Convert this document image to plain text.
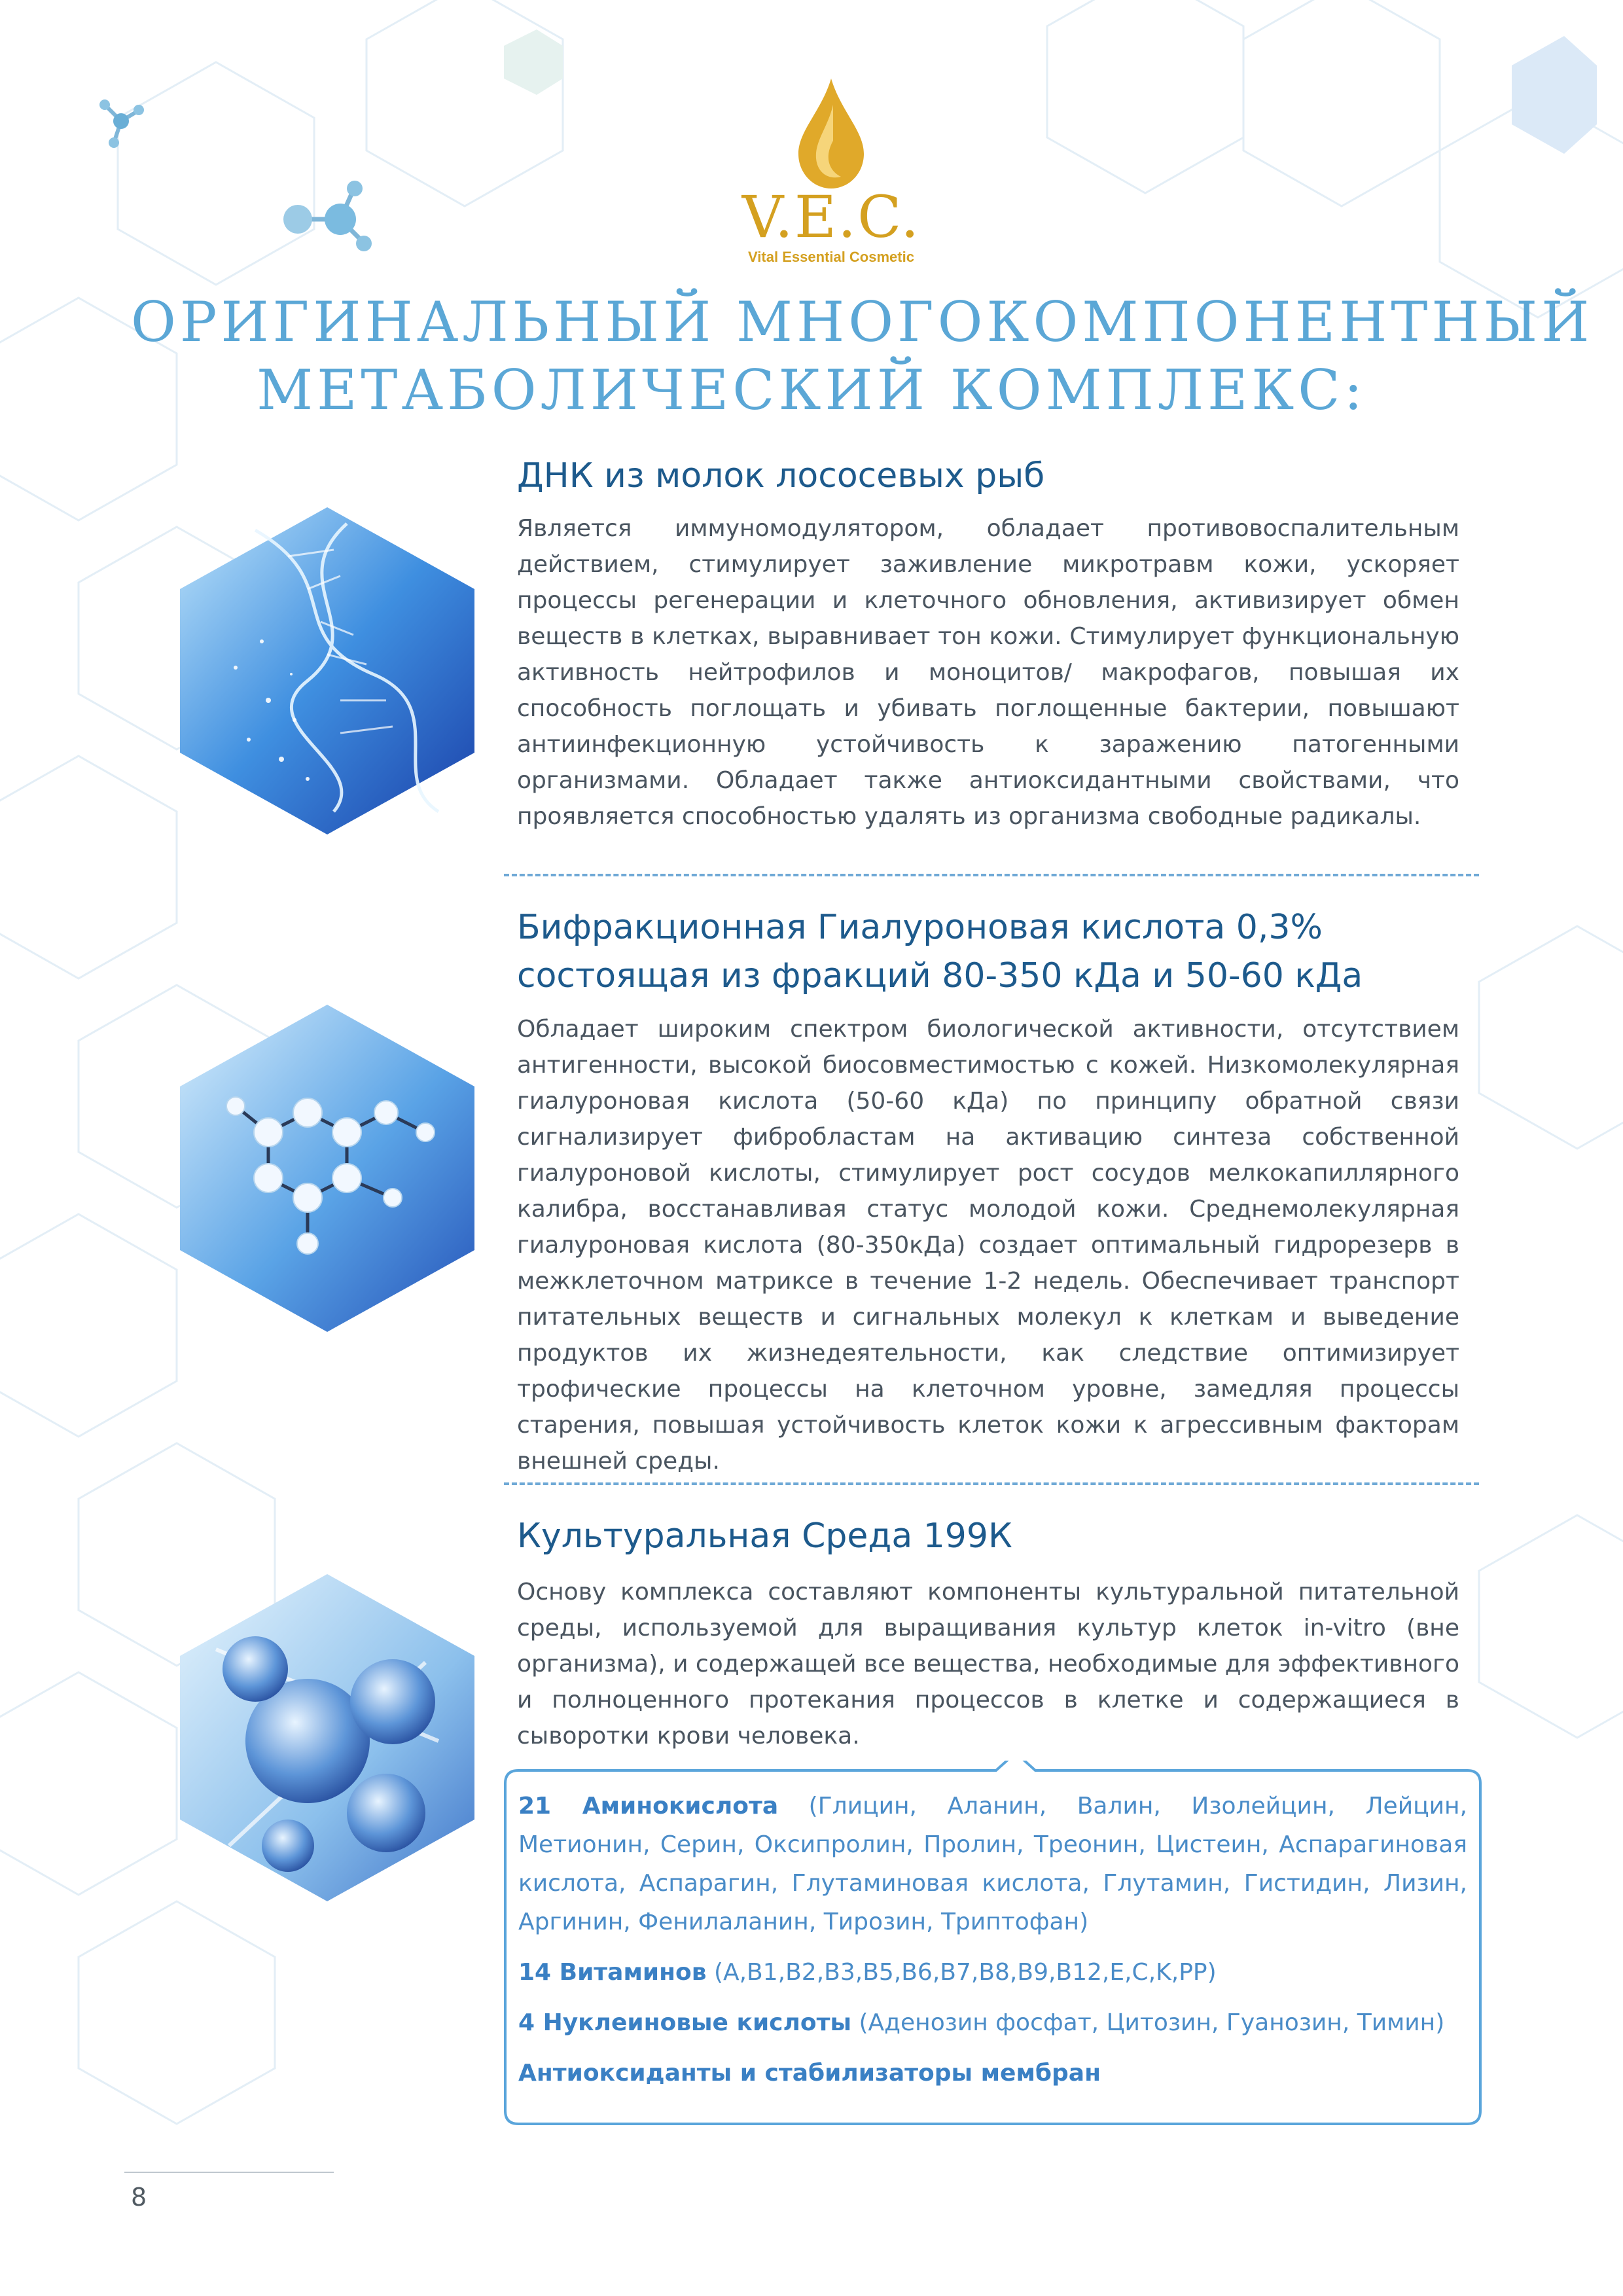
V.E.C.
Vital Essential Cosmetic
ОРИГИНАЛЬНЫЙ МНОГОКОМПОНЕНТНЫЙ
МЕТАБОЛИЧЕСКИЙ КОМПЛЕКС:
ДНК из молок лососевых рыб
Является иммуномодулятором, обладает противовоспалительным действием, стимулирует заживление микротравм кожи, ускоряет процессы регенерации и клеточного обновления, активизирует обмен веществ в клетках, выравнивает тон кожи. Стимулирует функциональную активность нейтрофилов и моноцитов/ макрофагов, повышая их способность поглощать и убивать поглощенные бактерии, повышают антиинфекционную устойчивость к заражению патогенными организмами. Обладает также антиоксидантными свойствами, что проявляется способностью удалять из организма свободные радикалы.
Бифракционная Гиалуроновая кислота 0,3%
состоящая из фракций 80-350 кДа и 50-60 кДа
Обладает широким спектром биологической активности, отсутствием антигенности, высокой биосовместимостью с кожей. Низкомолекулярная гиалуроновая кислота (50-60 кДа) по принципу обратной связи сигнализирует фибробластам на активацию синтеза собственной гиалуроновой кислоты, стимулирует рост сосудов мелкокапиллярного калибра, восстанавливая статус молодой кожи. Среднемолекулярная гиалуроновая кислота (80-350кДа) создает оптимальный гидрорезерв в межклеточном матриксе в течение 1-2 недель. Обеспечивает транспорт питательных веществ и сигнальных молекул к клеткам и выведение продуктов их жизнедеятельности, как следствие оптимизирует трофические процессы на клеточном уровне, замедляя процессы старения, повышая устойчивость клеток кожи к агрессивным факторам внешней среды.
Культуральная Среда 199К
Основу комплекса составляют компоненты культуральной питательной среды, используемой для выращивания культур клеток in-vitro (вне организма), и содержащей все вещества, необходимые для эффективного и полноценного протекания процессов в клетке и содержащиеся в сыворотки крови человека.

21 Аминокислота (Глицин, Аланин, Валин, Изолейцин, Лейцин, Метионин, Серин, Оксипролин, Пролин, Треонин, Цистеин, Аспарагиновая кислота, Аспарагин, Глутаминовая кислота, Глутамин, Гистидин, Лизин, Аргинин, Фенилаланин, Тирозин, Триптофан)

14 Витаминов (A,B1,B2,B3,B5,B6,B7,B8,B9,B12,E,C,K,PP)

4 Нуклеиновые кислоты (Аденозин фосфат, Цитозин, Гуанозин, Тимин)

Антиоксиданты и стабилизаторы мембран

8
